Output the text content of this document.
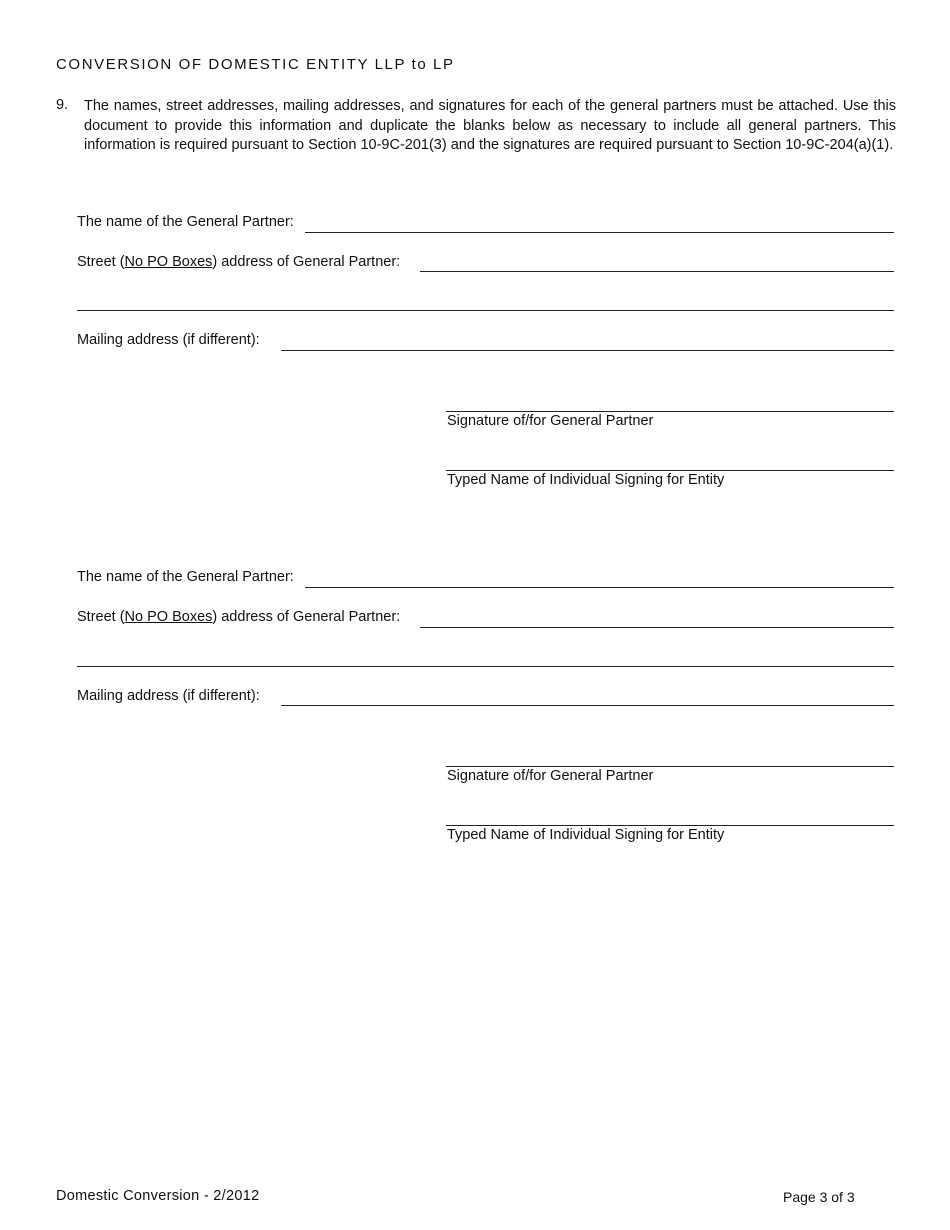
CONVERSION OF DOMESTIC ENTITY LLP to LP
9. The names, street addresses, mailing addresses, and signatures for each of the general partners must be attached. Use this document to provide this information and duplicate the blanks below as necessary to include all general partners. This information is required pursuant to Section 10-9C-201(3) and the signatures are required pursuant to Section 10-9C-204(a)(1).
The name of the General Partner:
Street (No PO Boxes) address of General Partner:
Mailing address (if different):
Signature of/for General Partner
Typed Name of Individual Signing for Entity
The name of the General Partner:
Street (No PO Boxes) address of General Partner:
Mailing address (if different):
Signature of/for General Partner
Typed Name of Individual Signing for Entity
Domestic Conversion - 2/2012	Page 3 of 3
